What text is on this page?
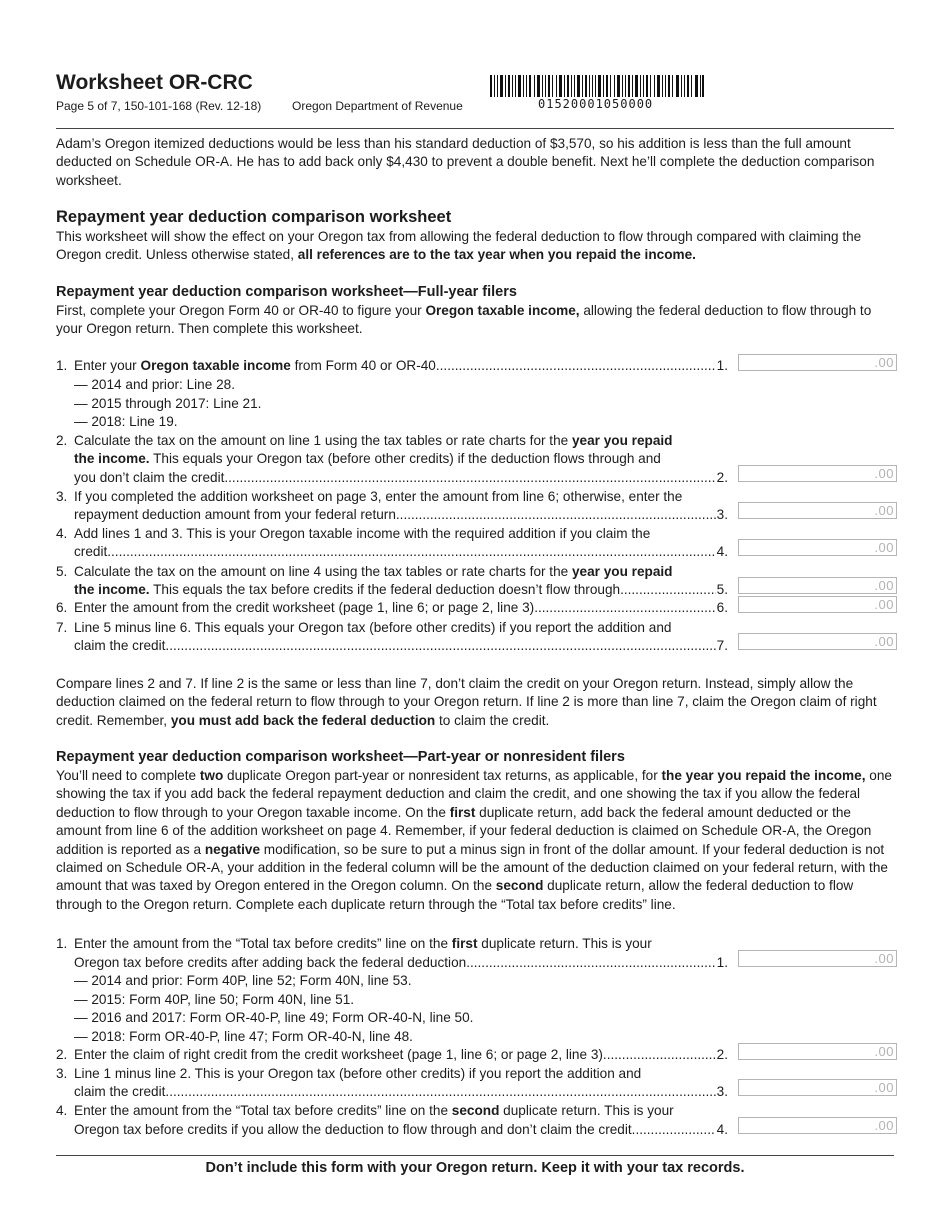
Worksheet OR-CRC
Page 5 of 7, 150-101-168 (Rev. 12-18)	Oregon Department of Revenue	01520001050000
Adam’s Oregon itemized deductions would be less than his standard deduction of $3,570, so his addition is less than the full amount deducted on Schedule OR-A. He has to add back only $4,430 to prevent a double benefit. Next he’ll complete the deduction comparison worksheet.
Repayment year deduction comparison worksheet
This worksheet will show the effect on your Oregon tax from allowing the federal deduction to flow through compared with claiming the Oregon credit. Unless otherwise stated, all references are to the tax year when you repaid the income.
Repayment year deduction comparison worksheet—Full-year filers
First, complete your Oregon Form 40 or OR-40 to figure your Oregon taxable income, allowing the federal deduction to flow through to your Oregon return. Then complete this worksheet.
1. Enter your Oregon taxable income from Form 40 or OR-40 .....	1.	.00
— 2014 and prior: Line 28.
— 2015 through 2017: Line 21.
— 2018: Line 19.
2. Calculate the tax on the amount on line 1 using the tax tables or rate charts for the year you repaid
the income. This equals your Oregon tax (before other credits) if the deduction flows through and
you don’t claim the credit .....	2.	.00
3. If you completed the addition worksheet on page 3, enter the amount from line 6; otherwise, enter the
repayment deduction amount from your federal return .....	3.	.00
4. Add lines 1 and 3. This is your Oregon taxable income with the required addition if you claim the
credit .....	4.	.00
5. Calculate the tax on the amount on line 4 using the tax tables or rate charts for the year you repaid
the income. This equals the tax before credits if the federal deduction doesn’t flow through .....	5.	.00
6. Enter the amount from the credit worksheet (page 1, line 6; or page 2, line 3) .....	6.	.00
7. Line 5 minus line 6. This equals your Oregon tax (before other credits) if you report the addition and
claim the credit .....	7.	.00
Compare lines 2 and 7. If line 2 is the same or less than line 7, don’t claim the credit on your Oregon return. Instead, simply allow the deduction claimed on the federal return to flow through to your Oregon return. If line 2 is more than line 7, claim the Oregon claim of right credit. Remember, you must add back the federal deduction to claim the credit.
Repayment year deduction comparison worksheet—Part-year or nonresident filers
You’ll need to complete two duplicate Oregon part-year or nonresident tax returns, as applicable, for the year you repaid the income, one showing the tax if you add back the federal repayment deduction and claim the credit, and one showing the tax if you allow the federal deduction to flow through to your Oregon taxable income. On the first duplicate return, add back the federal amount deducted or the amount from line 6 of the addition worksheet on page 4. Remember, if your federal deduction is claimed on Schedule OR-A, the Oregon addition is reported as a negative modification, so be sure to put a minus sign in front of the dollar amount. If your federal deduction is not claimed on Schedule OR-A, your addition in the federal column will be the amount of the deduction claimed on your federal return, with the amount that was taxed by Oregon entered in the Oregon column. On the second duplicate return, allow the federal deduction to flow through to the Oregon return. Complete each duplicate return through the “Total tax before credits” line.
1. Enter the amount from the “Total tax before credits” line on the first duplicate return. This is your
Oregon tax before credits after adding back the federal deduction .....	1.	.00
— 2014 and prior: Form 40P, line 52; Form 40N, line 53.
— 2015: Form 40P, line 50; Form 40N, line 51.
— 2016 and 2017: Form OR-40-P, line 49; Form OR-40-N, line 50.
— 2018: Form OR-40-P, line 47; Form OR-40-N, line 48.
2. Enter the claim of right credit from the credit worksheet (page 1, line 6; or page 2, line 3) .....	2.	.00
3. Line 1 minus line 2. This is your Oregon tax (before other credits) if you report the addition and
claim the credit .....	3.	.00
4. Enter the amount from the “Total tax before credits” line on the second duplicate return. This is your
Oregon tax before credits if you allow the deduction to flow through and don’t claim the credit .....	4.	.00
Don’t include this form with your Oregon return. Keep it with your tax records.
